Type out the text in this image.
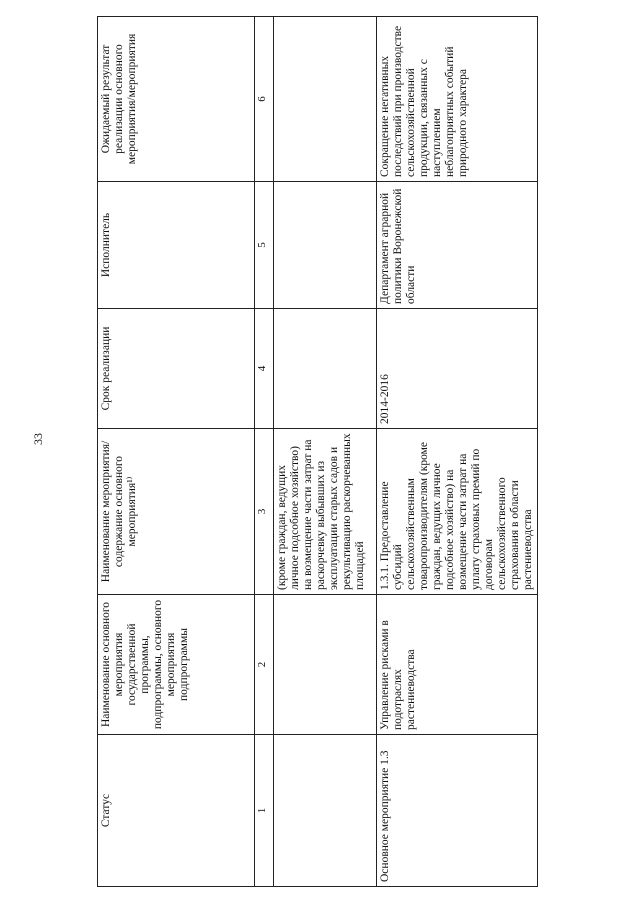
33
Статус	Наименование основного мероприятия государственной программы, подпрограммы, основного мероприятия подпрограммы	Наименование мероприятия/содержание основного мероприятия¹⁾	Срок реализации	Исполнитель	Ожидаемый результат реализации основного мероприятия/мероприятия
1	2	3	4	5	6
		(кроме граждан, ведущих личное подсобное хозяйство) на возмещение части затрат на раскорчевку выбывших из эксплуатации старых садов и рекультивацию раскорчеванных площадей			
Основное мероприятие 1.3	Управление рисками в подотраслях растениеводства	1.3.1. Предоставление субсидий сельскохозяйственным товаропроизводителям (кроме граждан, ведущих личное подсобное хозяйство) на возмещение части затрат на уплату страховых премий по договорам сельскохозяйственного страхования в области растениеводства	2014-2016	Департамент аграрной политики Воронежской области	Сокращение негативных последствий при производстве сельскохозяйственной продукции, связанных с наступлением неблагоприятных событий природного характера
